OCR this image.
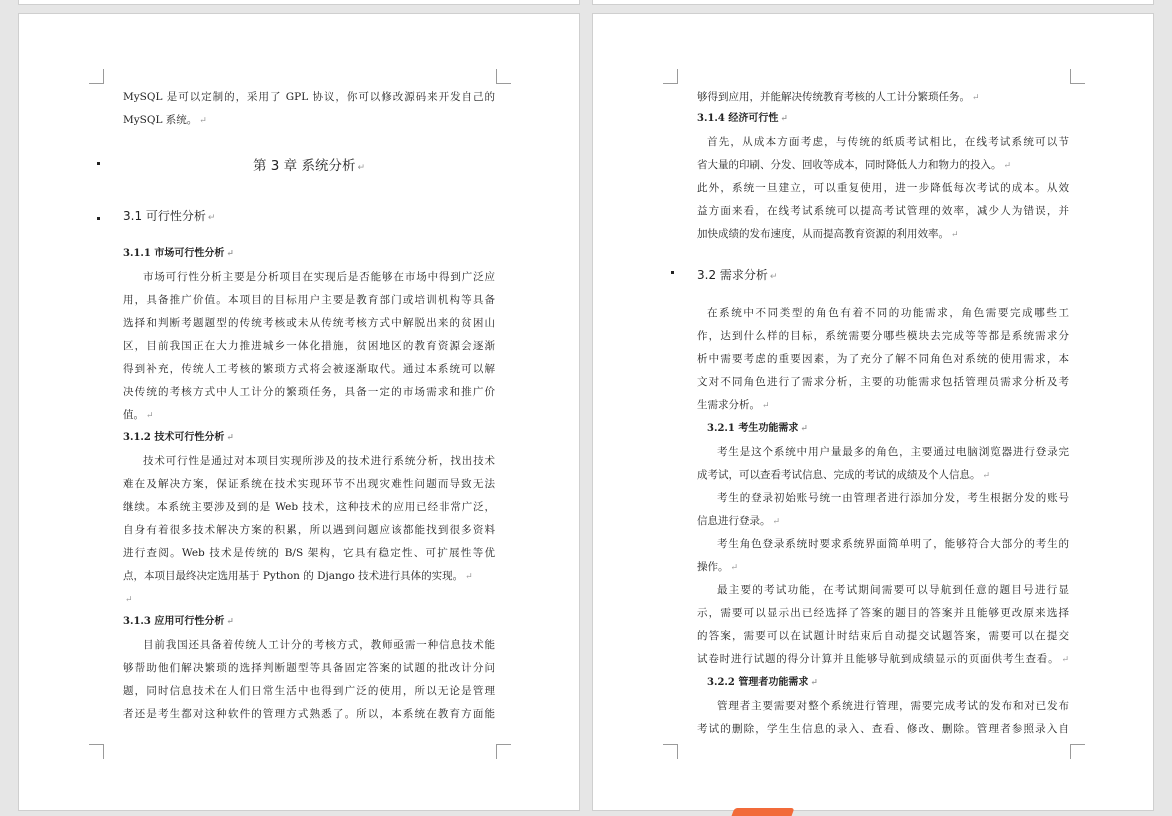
MySQL 是可以定制的，采用了 GPL 协议，你可以修改源码来开发自己的
MySQL 系统。 ↵
第 3 章 系统分析 ↵
3.1 可行性分析 ↵
3.1.1 市场可行性分析 ↵
市场可行性分析主要是分析项目在实现后是否能够在市场中得到广泛应
用，具备推广价值。本项目的目标用户主要是教育部门或培训机构等具备
选择和判断考题题型的传统考核或未从传统考核方式中解脱出来的贫困山
区，目前我国正在大力推进城乡一体化措施，贫困地区的教育资源会逐渐
得到补充，传统人工考核的繁琐方式将会被逐渐取代。通过本系统可以解
决传统的考核方式中人工计分的繁琐任务，具备一定的市场需求和推广价
值。 ↵
3.1.2 技术可行性分析 ↵
技术可行性是通过对本项目实现所涉及的技术进行系统分析，找出技术
难在及解决方案，保证系统在技术实现环节不出现灾难性问题而导致无法
继续。本系统主要涉及到的是 Web 技术，这种技术的应用已经非常广泛，
自身有着很多技术解决方案的积累，所以遇到问题应该都能找到很多资料
进行查阅。Web 技术是传统的 B/S 架构，它具有稳定性、可扩展性等优
点，本项目最终决定选用基于 Python 的 Django 技术进行具体的实现。 ↵
↵
3.1.3 应用可行性分析 ↵
目前我国还具备着传统人工计分的考核方式，教师亟需一种信息技术能
够帮助他们解决繁琐的选择判断题型等具备固定答案的试题的批改计分问
题，同时信息技术在人们日常生活中也得到广泛的使用，所以无论是管理
者还是考生都对这种软件的管理方式熟悉了。所以，本系统在教育方面能
够得到应用，并能解决传统教育考核的人工计分繁琐任务。 ↵
3.1.4 经济可行性 ↵
首先，从成本方面考虑，与传统的纸质考试相比，在线考试系统可以节
省大量的印刷、分发、回收等成本，同时降低人力和物力的投入。 ↵
此外，系统一旦建立，可以重复使用，进一步降低每次考试的成本。从效
益方面来看，在线考试系统可以提高考试管理的效率，减少人为错误，并
加快成绩的发布速度，从而提高教育资源的利用效率。 ↵
3.2 需求分析 ↵
在系统中不同类型的角色有着不同的功能需求，角色需要完成哪些工
作，达到什么样的目标，系统需要分哪些模块去完成等等都是系统需求分
析中需要考虑的重要因素，为了充分了解不同角色对系统的使用需求，本
文对不同角色进行了需求分析，主要的功能需求包括管理员需求分析及考
生需求分析。 ↵
3.2.1 考生功能需求 ↵
考生是这个系统中用户量最多的角色，主要通过电脑浏览器进行登录完
成考试，可以查看考试信息、完成的考试的成绩及个人信息。 ↵
考生的登录初始账号统一由管理者进行添加分发，考生根据分发的账号
信息进行登录。 ↵
考生角色登录系统时要求系统界面简单明了，能够符合大部分的考生的
操作。 ↵
最主要的考试功能，在考试期间需要可以导航到任意的题目号进行显
示，需要可以显示出已经选择了答案的题目的答案并且能够更改原来选择
的答案，需要可以在试题计时结束后自动提交试题答案，需要可以在提交
试卷时进行试题的得分计算并且能够导航到成绩显示的页面供考生查看。 ↵
3.2.2 管理者功能需求 ↵
管理者主要需要对整个系统进行管理，需要完成考试的发布和对已发布
考试的删除，学生生信息的录入、查看、修改、删除。管理者参照录入自
